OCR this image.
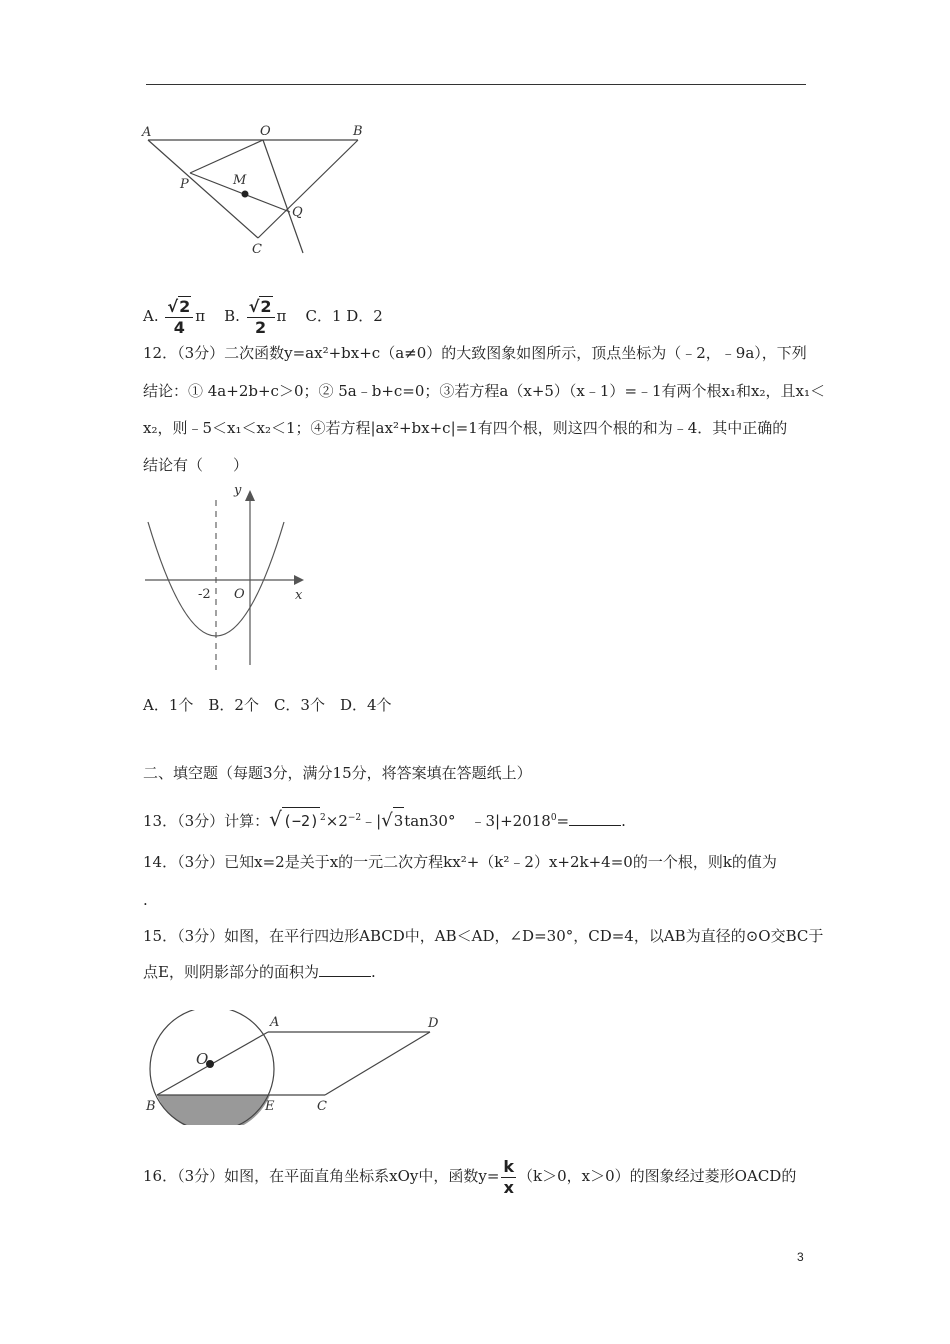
A	O	B
P	M
Q
C
A. $\frac{√2}{4}$ π B. $\frac{√2}{2}$ π C．1 D．2
12．（3分）二次函数y=ax²+bx+c（a≠0）的大致图象如图所示，顶点坐标为（﹣2，﹣9a），下列
结论：① 4a+2b+c＞0；② 5a﹣b+c=0；③若方程a（x+5）（x﹣1）=﹣1有两个根x₁和x₂，且x₁＜
x₂，则﹣5＜x₁＜x₂＜1；④若方程|ax²+bx+c|=1有四个根，则这四个根的和为﹣4．其中正确的
结论有（　　）
y
x
O
-2
A．1个　B．2个　C．3个　D．4个
二、填空题（每题3分，满分15分，将答案填在答题纸上）
13．（3分）计算：$√(-2)^2\times 2^{-2}﹣|√3\tan 30^\circ$　$﹣3|+2018^0=$	.
14．（3分）已知x=2是关于x的一元二次方程kx²+（k²﹣2）x+2k+4=0的一个根，则k的值为
.
15．（3分）如图，在平行四边形ABCD中，AB＜AD，∠D=30°，CD=4，以AB为直径的⊙O交BC于
点E，则阴影部分的面积为	.
A	D
O
B	E	C
16．（3分）如图，在平面直角坐标系xOy中，函数$y= \frac{k}{x} (k>0$，x＞0）的图象经过菱形OACD的
3
